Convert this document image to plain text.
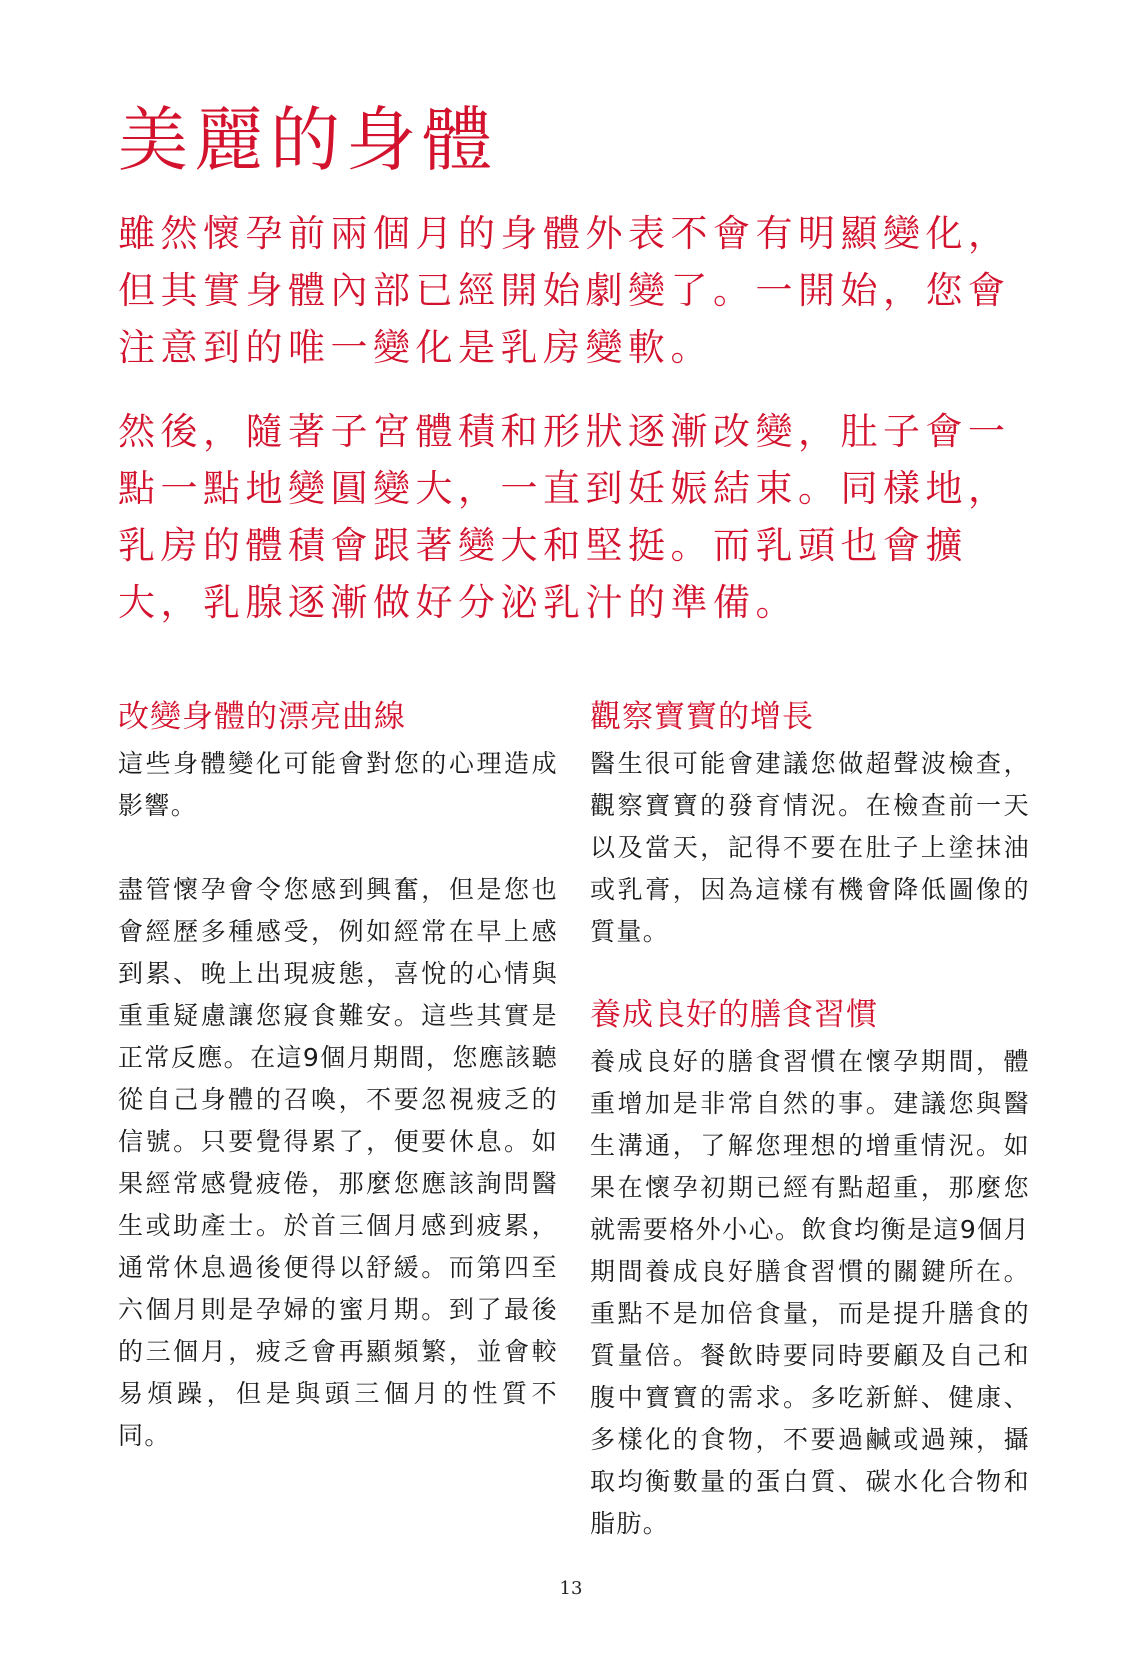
美麗的身體

雖然懷孕前兩個月的身體外表不會有明顯變化，但其實身體內部已經開始劇變了。一開始，您會注意到的唯一變化是乳房變軟。

然後，隨著子宮體積和形狀逐漸改變，肚子會一點一點地變圓變大，一直到妊娠結束。同樣地，乳房的體積會跟著變大和堅挺。而乳頭也會擴大，乳腺逐漸做好分泌乳汁的準備。

改變身體的漂亮曲線

這些身體變化可能會對您的心理造成影響。

盡管懷孕會令您感到興奮，但是您也會經歷多種感受，例如經常在早上感到累、晚上出現疲態，喜悅的心情與重重疑慮讓您寢食難安。這些其實是正常反應。在這9個月期間，您應該聽從自己身體的召喚，不要忽視疲乏的信號。只要覺得累了，便要休息。如果經常感覺疲倦，那麼您應該詢問醫生或助產士。於首三個月感到疲累，通常休息過後便得以舒緩。而第四至六個月則是孕婦的蜜月期。到了最後的三個月，疲乏會再顯頻繁，並會較易煩躁，但是與頭三個月的性質不同。

觀察寶寶的增長

醫生很可能會建議您做超聲波檢查，觀察寶寶的發育情況。在檢查前一天以及當天，記得不要在肚子上塗抹油或乳膏，因為這樣有機會降低圖像的質量。

養成良好的膳食習慣

養成良好的膳食習慣在懷孕期間，體重增加是非常自然的事。建議您與醫生溝通，了解您理想的增重情況。如果在懷孕初期已經有點超重，那麼您就需要格外小心。飲食均衡是這9個月期間養成良好膳食習慣的關鍵所在。重點不是加倍食量，而是提升膳食的質量倍。餐飲時要同時要顧及自己和腹中寶寶的需求。多吃新鮮、健康、多樣化的食物，不要過鹹或過辣，攝取均衡數量的蛋白質、碳水化合物和脂肪。

13
